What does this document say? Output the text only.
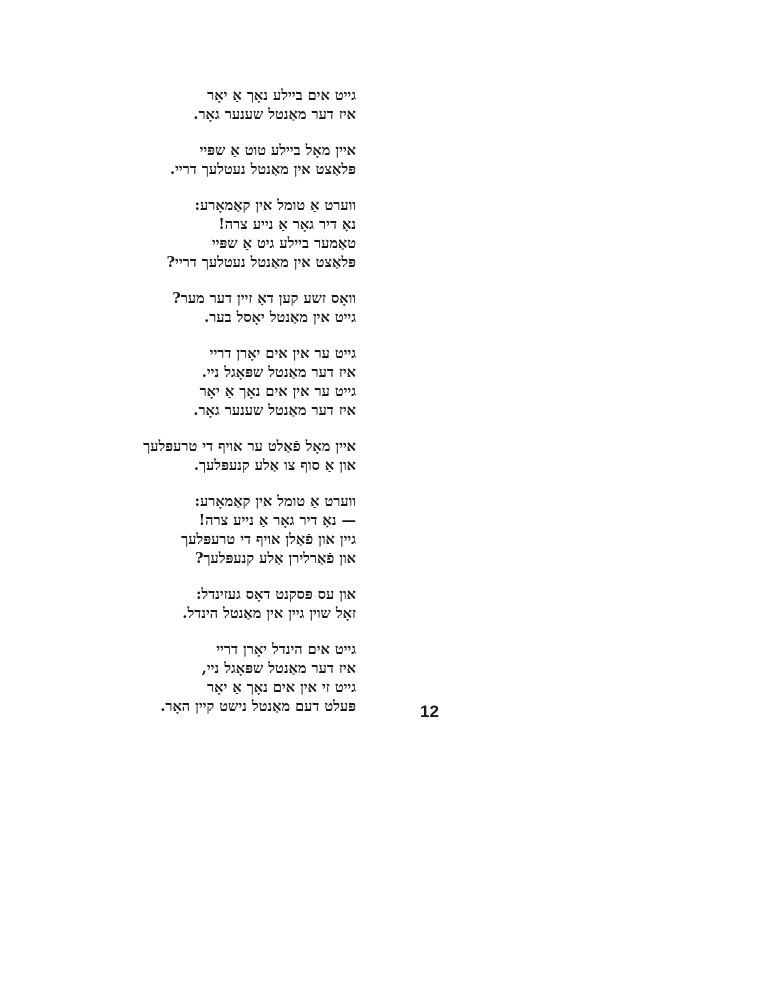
גייט אים ביילע נאָך אַ יאָר
איז דער מאַנטל שענער גאָר.
איין מאָל ביילע טוט אַ שפּיי
פּלאַצט אין מאַנטל נעטלעך דריי.
ווערט אַ טומל אין קאַמאָרע:
נאָ דיר גאָר אַ נייע צרה!
טאַמער ביילע גיט אַ שפּיי
פּלאַצט אין מאַנטל נעטלעך דריי?
וואָס זשע קען דאָ זיין דער מער?
גייט אין מאַנטל יאָסל בער.
גייט ער אין אים יאָרן דריי
איז דער מאַנטל שפּאָגל ניי.
גייט ער אין אים נאָך אַ יאָר
איז דער מאַנטל שענער גאָר.
איין מאָל פֿאַלט ער אויף די טרעפּלעך
און אַ סוף צו אַלע קנעפּלעך.
ווערט אַ טומל אין קאַמאָרע:
— נאָ דיר גאָר אַ נייע צרה!
גיין און פֿאַלן אויף די טרעפּלעך
און פֿאַרלירן אַלע קנעפּלעך?
און עס פּסקנט דאָס געזינדל:
זאָל שוין גיין אין מאַנטל הינדל.
גייט אים הינדל יאָרן דריי
איז דער מאַנטל שפּאָגל ניי,
גייט זי אין אים נאָך אַ יאָר
פּעלט דעם מאַנטל נישט קיין האָר.	12
